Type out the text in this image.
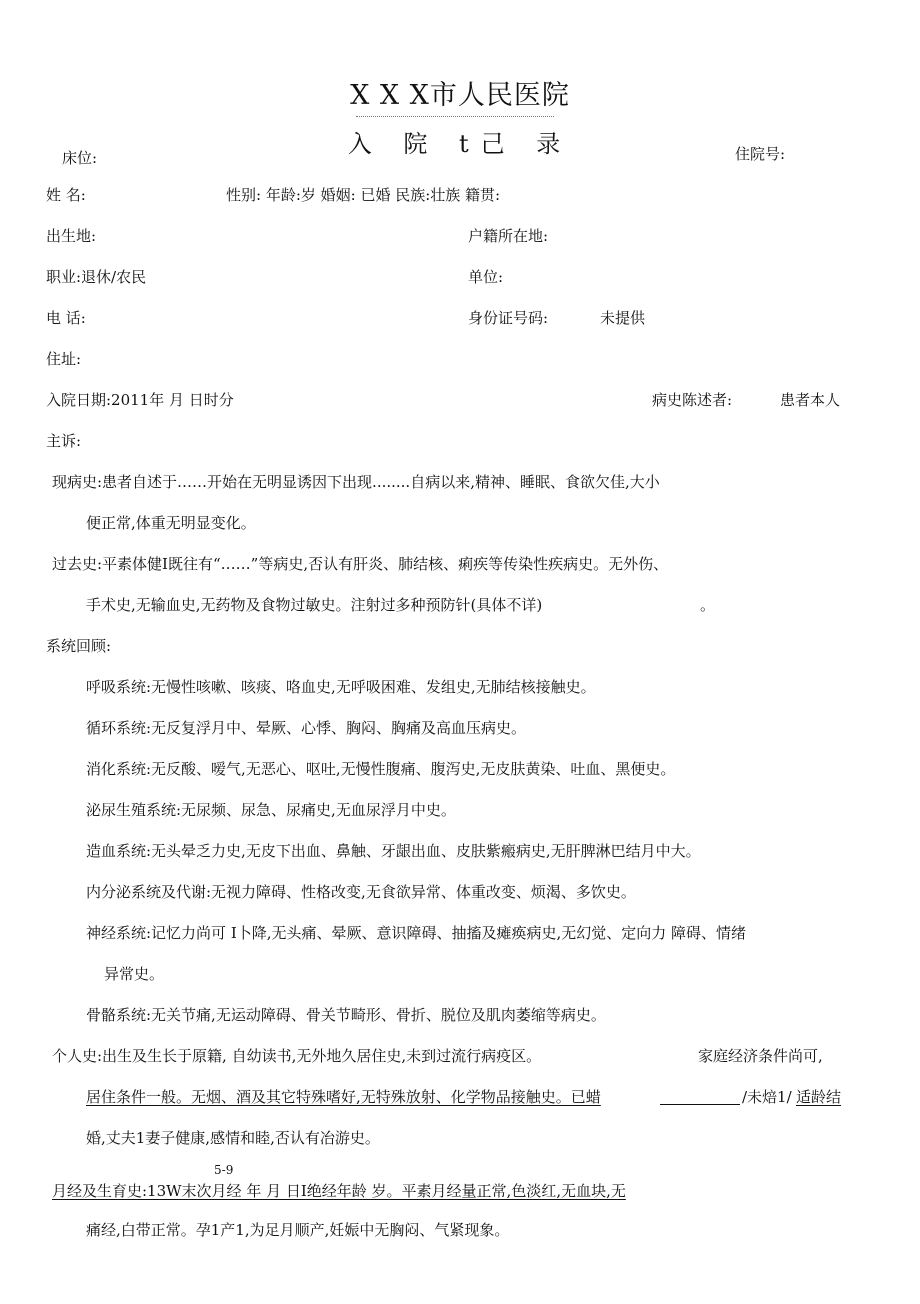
X X X市人民医院
入 院 t己 录
床位:	住院号:
姓 名:	性别: 年龄:岁 婚姻: 已婚 民族:壮族 籍贯:
出生地:	户籍所在地:
职业:退休/农民	单位:
电 话:	身份证号码:	未提供
住址:
入院日期:2011年 月 日时分	病史陈述者:	患者本人
主诉:
现病史:患者自述于……开始在无明显诱因下出现........自病以来,精神、睡眠、食欲欠佳,大小
便正常,体重无明显变化。
过去史:平素体健I既往有“……”等病史,否认有肝炎、肺结核、痢疾等传染性疾病史。无外伤、
手术史,无输血史,无药物及食物过敏史。注射过多种预防针(具体不详)	。
系统回顾:
呼吸系统:无慢性咳嗽、咳痰、咯血史,无呼吸困难、发组史,无肺结核接触史。
循环系统:无反复浮月中、晕厥、心悸、胸闷、胸痛及高血压病史。
消化系统:无反酸、嗳气,无恶心、呕吐,无慢性腹痛、腹泻史,无皮肤黄染、吐血、黑便史。
泌尿生殖系统:无尿频、尿急、尿痛史,无血尿浮月中史。
造血系统:无头晕乏力史,无皮下出血、鼻触、牙龈出血、皮肤紫瘢病史,无肝脾淋巴结月中大。
内分泌系统及代谢:无视力障碍、性格改变,无食欲异常、体重改变、烦渴、多饮史。
神经系统:记忆力尚可 I卜降,无头痛、晕厥、意识障碍、抽搐及瘫痪病史,无幻觉、定向力 障碍、情绪
异常史。
骨骼系统:无关节痛,无运动障碍、骨关节畸形、骨折、脱位及肌肉萎缩等病史。
个人史:出生及生长于原籍, 自幼读书,无外地久居住史,未到过流行病疫区。	家庭经济条件尚可,
居住条件一般。无烟、酒及其它特殊嗜好,无特殊放射、化学物品接触史。已蜡	/未焙1/ 适龄结
婚,丈夫1妻子健康,感情和睦,否认有冶游史。
5-9
月经及生育史:13W末次月经 年 月 日I绝经年龄 岁。平素月经量正常,色淡红,无血块,无
痛经,白带正常。孕1产1,为足月顺产,妊娠中无胸闷、气紧现象。
